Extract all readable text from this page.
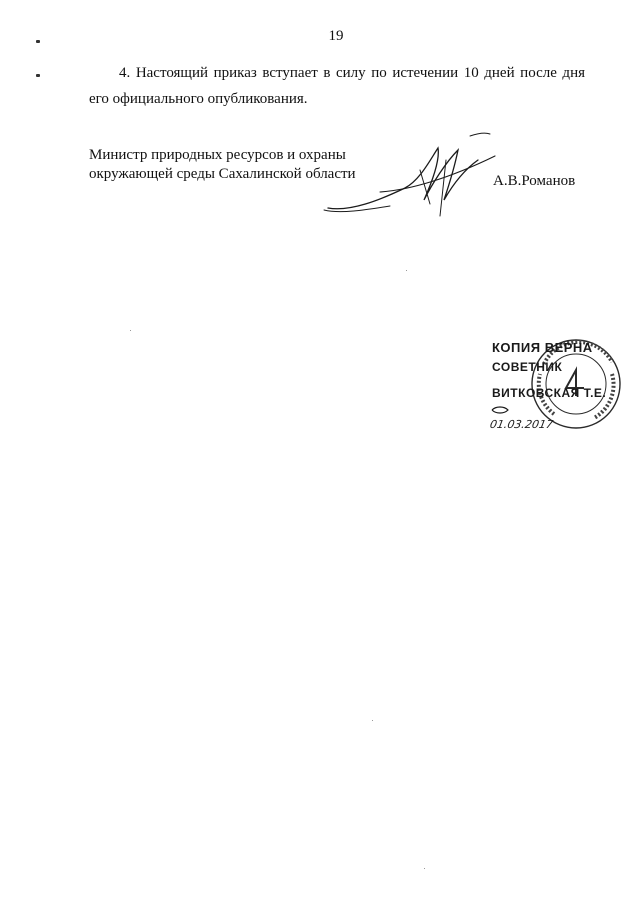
19
4. Настоящий приказ вступает в силу по истечении 10 дней после дня его официального опубликования.
Министр природных ресурсов и охраны
окружающей среды Сахалинской области	А.В.Романов
КОПИЯ ВЕРНА
СОВЕТНИК
ВИТКОВСКАЯ Т.Е.
01.03.2017
